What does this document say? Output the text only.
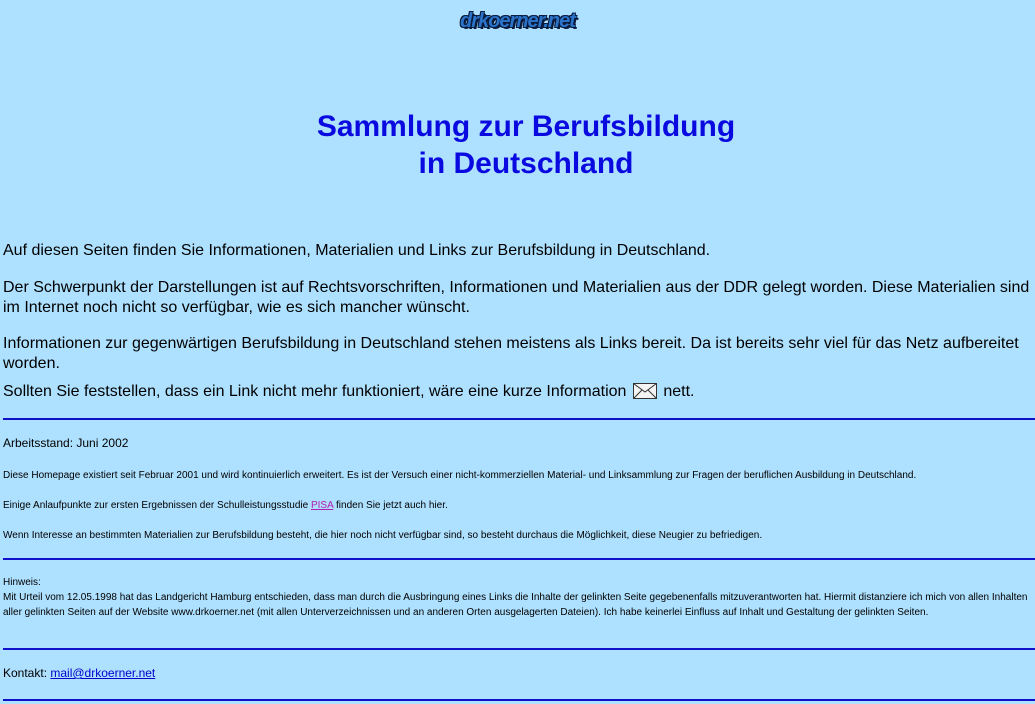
drkoerner.net
Sammlung zur Berufsbildung
in Deutschland

Auf diesen Seiten finden Sie Informationen, Materialien und Links zur Berufsbildung in Deutschland.

Der Schwerpunkt der Darstellungen ist auf Rechtsvorschriften, Informationen und Materialien aus der DDR gelegt worden. Diese Materialien sind im Internet noch nicht so verfügbar, wie es sich mancher wünscht.

Informationen zur gegenwärtigen Berufsbildung in Deutschland stehen meistens als Links bereit. Da ist bereits sehr viel für das Netz aufbereitet worden.

Sollten Sie feststellen, dass ein Link nicht mehr funktioniert, wäre eine kurze Information nett.

Arbeitsstand: Juni 2002
Diese Homepage existiert seit Februar 2001 und wird kontinuierlich erweitert. Es ist der Versuch einer nicht-kommerziellen Material- und Linksammlung zur Fragen der beruflichen Ausbildung in Deutschland.
Einige Anlaufpunkte zur ersten Ergebnissen der Schulleistungsstudie PISA finden Sie jetzt auch hier.
Wenn Interesse an bestimmten Materialien zur Berufsbildung besteht, die hier noch nicht verfügbar sind, so besteht durchaus die Möglichkeit, diese Neugier zu befriedigen.
Hinweis:
Mit Urteil vom 12.05.1998 hat das Landgericht Hamburg entschieden, dass man durch die Ausbringung eines Links die Inhalte der gelinkten Seite gegebenenfalls mitzuverantworten hat. Hiermit distanziere ich mich von allen Inhalten aller gelinkten Seiten auf der Website www.drkoerner.net (mit allen Unterverzeichnissen und an anderen Orten ausgelagerten Dateien). Ich habe keinerlei Einfluss auf Inhalt und Gestaltung der gelinkten Seiten.
Kontakt: mail@drkoerner.net
